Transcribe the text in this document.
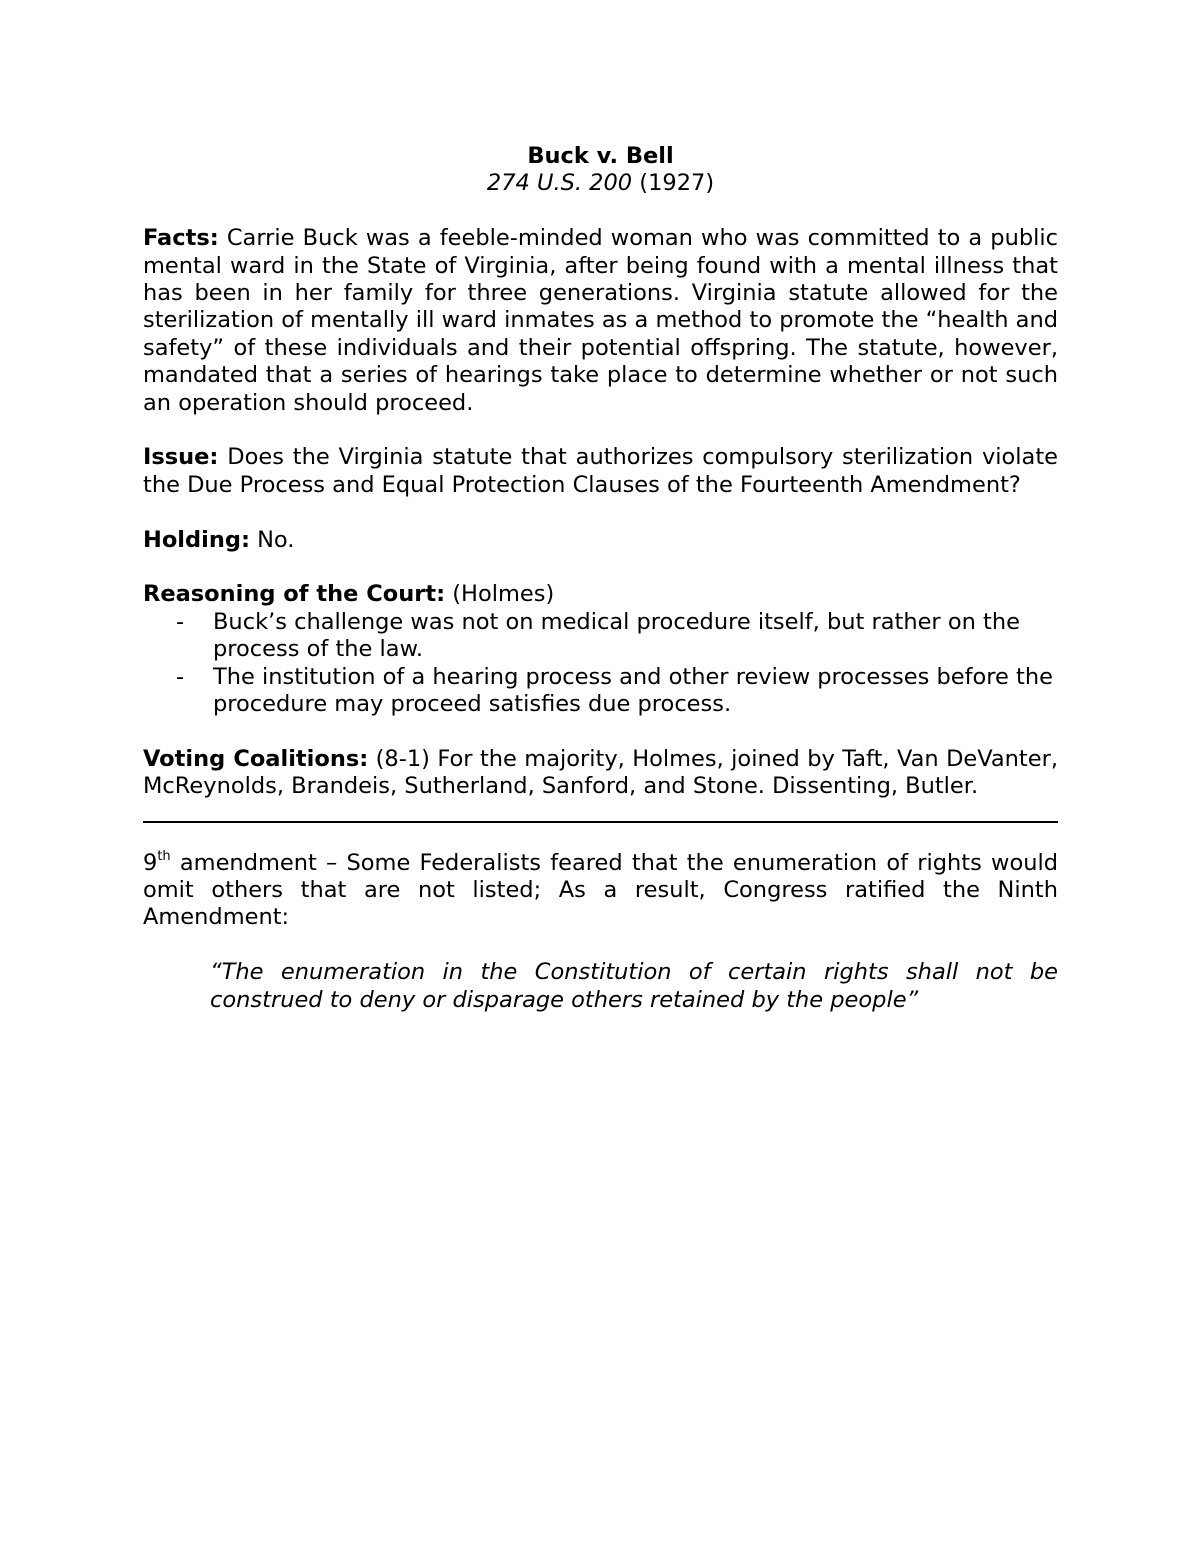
Buck v. Bell

274 U.S. 200 (1927)

Facts: Carrie Buck was a feeble-minded woman who was committed to a public mental ward in the State of Virginia, after being found with a mental illness that has been in her family for three generations. Virginia statute allowed for the sterilization of mentally ill ward inmates as a method to promote the “health and safety” of these individuals and their potential offspring. The statute, however, mandated that a series of hearings take place to determine whether or not such an operation should proceed.

Issue: Does the Virginia statute that authorizes compulsory sterilization violate the Due Process and Equal Protection Clauses of the Fourteenth Amendment?

Holding: No.

Reasoning of the Court: (Holmes)

- Buck’s challenge was not on medical procedure itself, but rather on the process of the law.
- The institution of a hearing process and other review processes before the procedure may proceed satisfies due process.

Voting Coalitions: (8-1) For the majority, Holmes, joined by Taft, Van DeVanter, McReynolds, Brandeis, Sutherland, Sanford, and Stone. Dissenting, Butler.

9th amendment – Some Federalists feared that the enumeration of rights would omit others that are not listed; As a result, Congress ratified the Ninth Amendment:

“The enumeration in the Constitution of certain rights shall not be construed to deny or disparage others retained by the people”
